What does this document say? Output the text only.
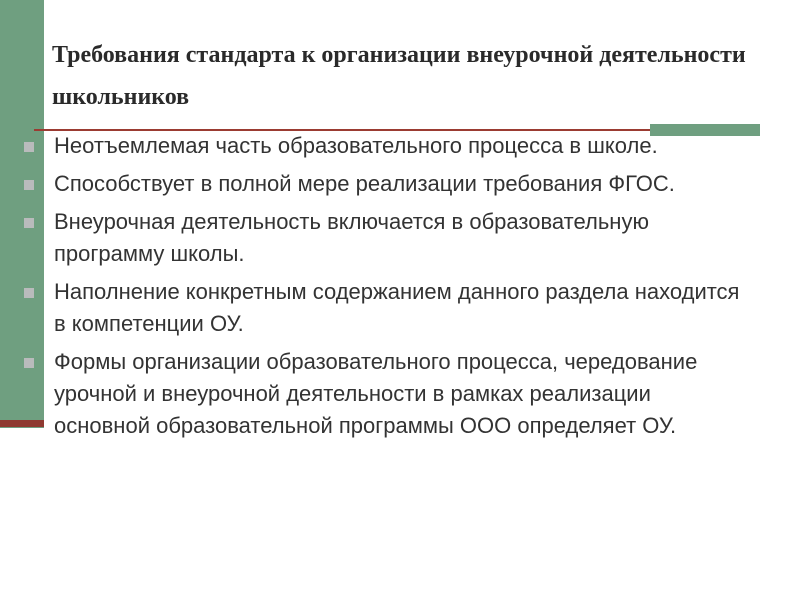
Требования стандарта к организации внеурочной деятельности школьников
Неотъемлемая часть образовательного процесса в школе.
Способствует в полной мере реализации требования ФГОС.
Внеурочная деятельность включается в образовательную программу школы.
Наполнение конкретным содержанием данного раздела находится в компетенции ОУ.
Формы организации образовательного процесса, чередование урочной и внеурочной деятельности в рамках реализации основной образовательной программы ООО определяет ОУ.
